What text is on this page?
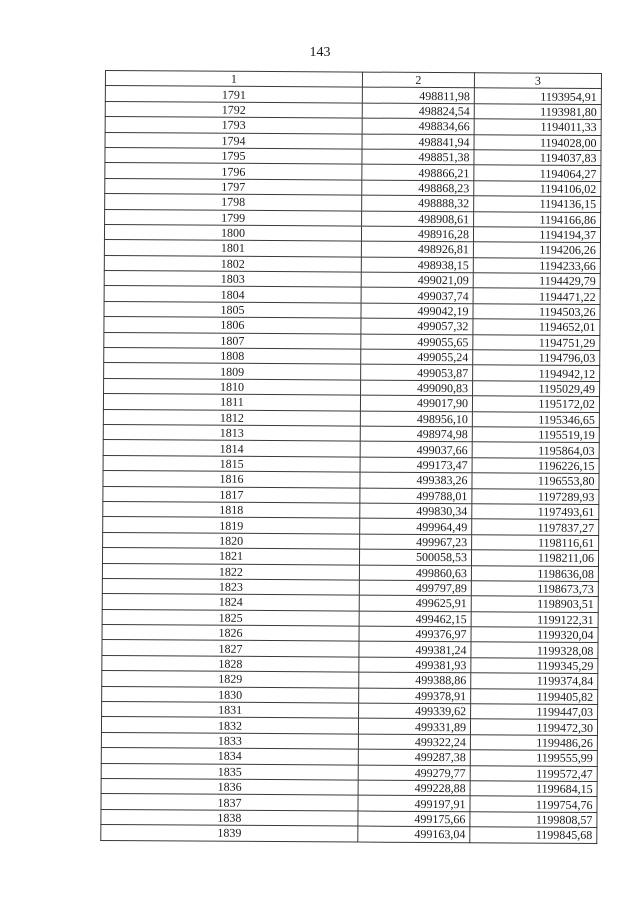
143
1	2	3
1791	498811,98	1193954,91
1792	498824,54	1193981,80
1793	498834,66	1194011,33
1794	498841,94	1194028,00
1795	498851,38	1194037,83
1796	498866,21	1194064,27
1797	498868,23	1194106,02
1798	498888,32	1194136,15
1799	498908,61	1194166,86
1800	498916,28	1194194,37
1801	498926,81	1194206,26
1802	498938,15	1194233,66
1803	499021,09	1194429,79
1804	499037,74	1194471,22
1805	499042,19	1194503,26
1806	499057,32	1194652,01
1807	499055,65	1194751,29
1808	499055,24	1194796,03
1809	499053,87	1194942,12
1810	499090,83	1195029,49
1811	499017,90	1195172,02
1812	498956,10	1195346,65
1813	498974,98	1195519,19
1814	499037,66	1195864,03
1815	499173,47	1196226,15
1816	499383,26	1196553,80
1817	499788,01	1197289,93
1818	499830,34	1197493,61
1819	499964,49	1197837,27
1820	499967,23	1198116,61
1821	500058,53	1198211,06
1822	499860,63	1198636,08
1823	499797,89	1198673,73
1824	499625,91	1198903,51
1825	499462,15	1199122,31
1826	499376,97	1199320,04
1827	499381,24	1199328,08
1828	499381,93	1199345,29
1829	499388,86	1199374,84
1830	499378,91	1199405,82
1831	499339,62	1199447,03
1832	499331,89	1199472,30
1833	499322,24	1199486,26
1834	499287,38	1199555,99
1835	499279,77	1199572,47
1836	499228,88	1199684,15
1837	499197,91	1199754,76
1838	499175,66	1199808,57
1839	499163,04	1199845,68
